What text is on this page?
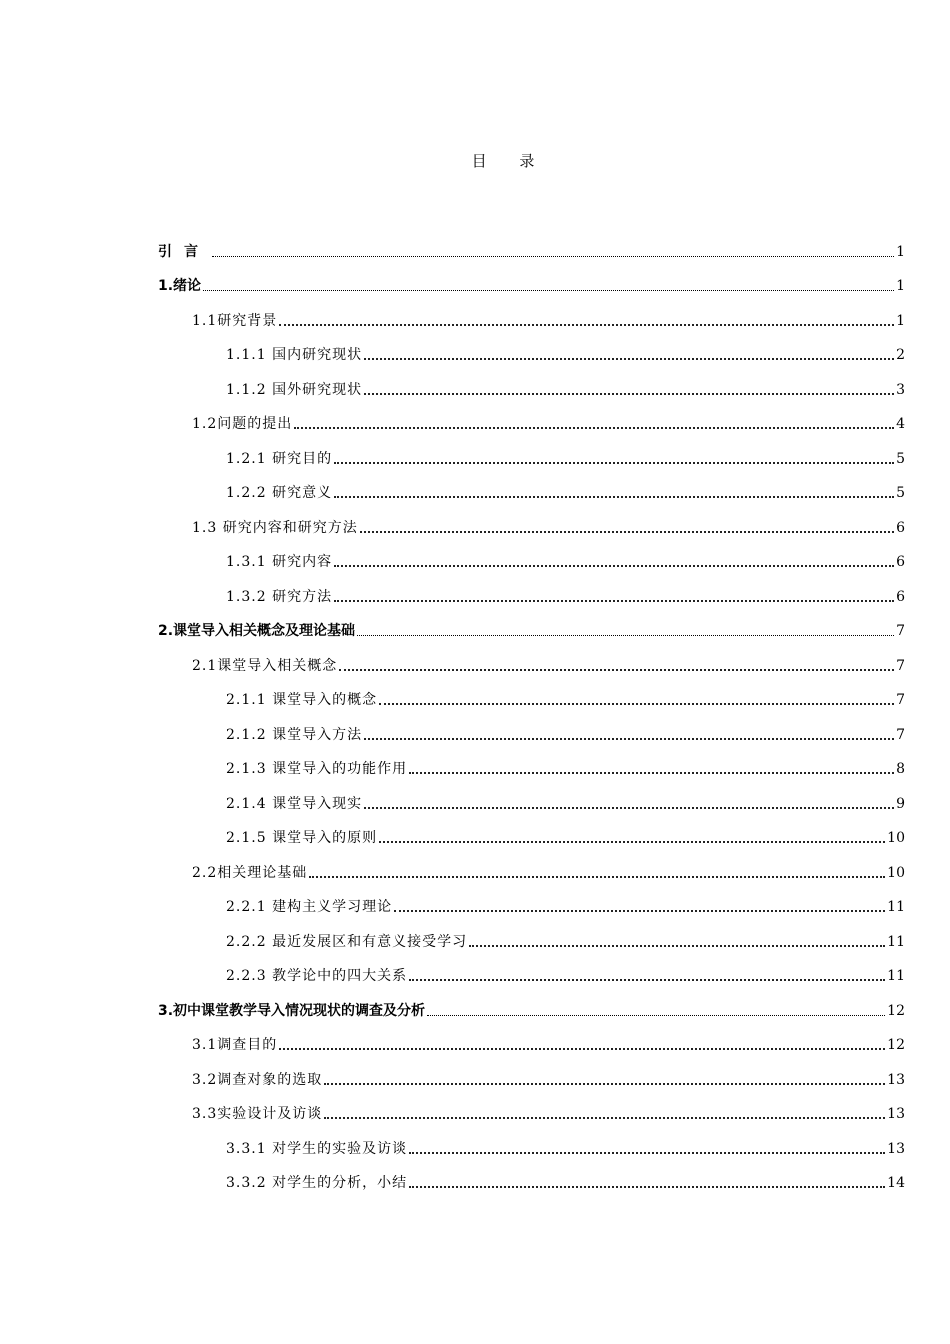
目 录
引言	1
1.绪论	1
1.1研究背景	1
1.1.1 国内研究现状	2
1.1.2 国外研究现状	3
1.2问题的提出	4
1.2.1 研究目的	5
1.2.2 研究意义	5
1.3 研究内容和研究方法	6
1.3.1 研究内容	6
1.3.2 研究方法	6
2.课堂导入相关概念及理论基础	7
2.1课堂导入相关概念	7
2.1.1 课堂导入的概念	7
2.1.2 课堂导入方法	7
2.1.3 课堂导入的功能作用	8
2.1.4 课堂导入现实	9
2.1.5 课堂导入的原则	10
2.2相关理论基础	10
2.2.1 建构主义学习理论	11
2.2.2 最近发展区和有意义接受学习	11
2.2.3 教学论中的四大关系	11
3.初中课堂教学导入情况现状的调查及分析	12
3.1调查目的	12
3.2调查对象的选取	13
3.3实验设计及访谈	13
3.3.1 对学生的实验及访谈	13
3.3.2 对学生的分析，小结	14
